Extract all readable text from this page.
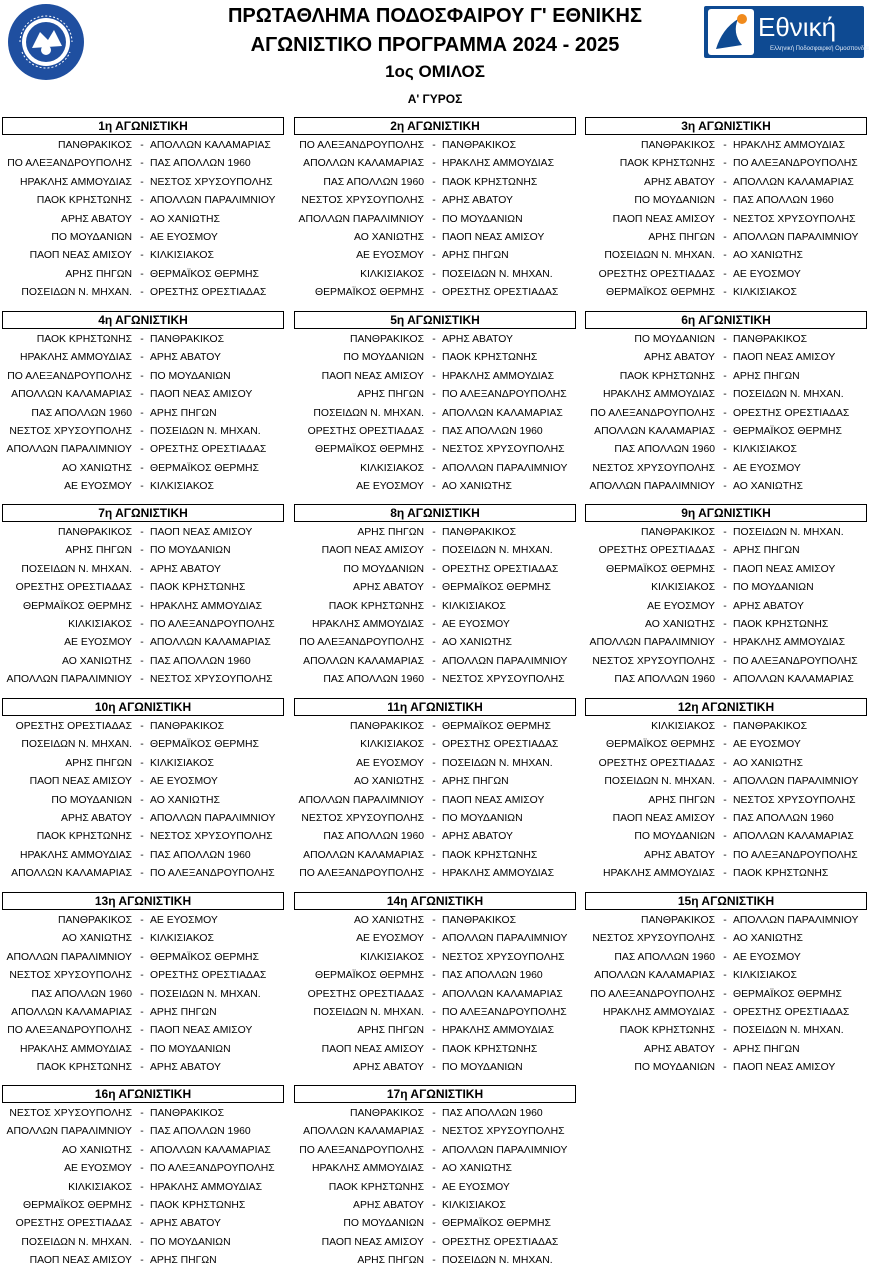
ΠΡΩΤΑΘΛΗΜΑ ΠΟΔΟΣΦΑΙΡΟΥ Γ' ΕΘΝΙΚΗΣ
ΑΓΩΝΙΣΤΙΚΟ ΠΡΟΓΡΑΜΜΑ 2024 - 2025
1ος ΟΜΙΛΟΣ
Α' ΓΥΡΟΣ
Εθνική
Ελληνική Ποδοσφαιρική Ομοσπονδία
1η ΑΓΩΝΙΣΤΙΚΗ
ΠΑΝΘΡΑΚΙΚΟΣ - ΑΠΟΛΛΩΝ ΚΑΛΑΜΑΡΙΑΣ
ΠΟ ΑΛΕΞΑΝΔΡΟΥΠΟΛΗΣ - ΠΑΣ ΑΠΟΛΛΩΝ 1960
ΗΡΑΚΛΗΣ ΑΜΜΟΥΔΙΑΣ - ΝΕΣΤΟΣ ΧΡΥΣΟΥΠΟΛΗΣ
ΠΑΟΚ ΚΡΗΣΤΩΝΗΣ - ΑΠΟΛΛΩΝ ΠΑΡΑΛΙΜΝΙΟΥ
ΑΡΗΣ ΑΒΑΤΟΥ - ΑΟ ΧΑΝΙΩΤΗΣ
ΠΟ ΜΟΥΔΑΝΙΩΝ - ΑΕ ΕΥΟΣΜΟΥ
ΠΑΟΠ ΝΕΑΣ ΑΜΙΣΟΥ - ΚΙΛΚΙΣΙΑΚΟΣ
ΑΡΗΣ ΠΗΓΩΝ - ΘΕΡΜΑΪΚΟΣ ΘΕΡΜΗΣ
ΠΟΣΕΙΔΩΝ Ν. ΜΗΧΑΝ. - ΟΡΕΣΤΗΣ ΟΡΕΣΤΙΑΔΑΣ
2η ΑΓΩΝΙΣΤΙΚΗ
ΠΟ ΑΛΕΞΑΝΔΡΟΥΠΟΛΗΣ - ΠΑΝΘΡΑΚΙΚΟΣ
ΑΠΟΛΛΩΝ ΚΑΛΑΜΑΡΙΑΣ - ΗΡΑΚΛΗΣ ΑΜΜΟΥΔΙΑΣ
ΠΑΣ ΑΠΟΛΛΩΝ 1960 - ΠΑΟΚ ΚΡΗΣΤΩΝΗΣ
ΝΕΣΤΟΣ ΧΡΥΣΟΥΠΟΛΗΣ - ΑΡΗΣ ΑΒΑΤΟΥ
ΑΠΟΛΛΩΝ ΠΑΡΑΛΙΜΝΙΟΥ - ΠΟ ΜΟΥΔΑΝΙΩΝ
ΑΟ ΧΑΝΙΩΤΗΣ - ΠΑΟΠ ΝΕΑΣ ΑΜΙΣΟΥ
ΑΕ ΕΥΟΣΜΟΥ - ΑΡΗΣ ΠΗΓΩΝ
ΚΙΛΚΙΣΙΑΚΟΣ - ΠΟΣΕΙΔΩΝ Ν. ΜΗΧΑΝ.
ΘΕΡΜΑΪΚΟΣ ΘΕΡΜΗΣ - ΟΡΕΣΤΗΣ ΟΡΕΣΤΙΑΔΑΣ
3η ΑΓΩΝΙΣΤΙΚΗ
ΠΑΝΘΡΑΚΙΚΟΣ - ΗΡΑΚΛΗΣ ΑΜΜΟΥΔΙΑΣ
ΠΑΟΚ ΚΡΗΣΤΩΝΗΣ - ΠΟ ΑΛΕΞΑΝΔΡΟΥΠΟΛΗΣ
ΑΡΗΣ ΑΒΑΤΟΥ - ΑΠΟΛΛΩΝ ΚΑΛΑΜΑΡΙΑΣ
ΠΟ ΜΟΥΔΑΝΙΩΝ - ΠΑΣ ΑΠΟΛΛΩΝ 1960
ΠΑΟΠ ΝΕΑΣ ΑΜΙΣΟΥ - ΝΕΣΤΟΣ ΧΡΥΣΟΥΠΟΛΗΣ
ΑΡΗΣ ΠΗΓΩΝ - ΑΠΟΛΛΩΝ ΠΑΡΑΛΙΜΝΙΟΥ
ΠΟΣΕΙΔΩΝ Ν. ΜΗΧΑΝ. - ΑΟ ΧΑΝΙΩΤΗΣ
ΟΡΕΣΤΗΣ ΟΡΕΣΤΙΑΔΑΣ - ΑΕ ΕΥΟΣΜΟΥ
ΘΕΡΜΑΪΚΟΣ ΘΕΡΜΗΣ - ΚΙΛΚΙΣΙΑΚΟΣ
4η ΑΓΩΝΙΣΤΙΚΗ
ΠΑΟΚ ΚΡΗΣΤΩΝΗΣ - ΠΑΝΘΡΑΚΙΚΟΣ
ΗΡΑΚΛΗΣ ΑΜΜΟΥΔΙΑΣ - ΑΡΗΣ ΑΒΑΤΟΥ
ΠΟ ΑΛΕΞΑΝΔΡΟΥΠΟΛΗΣ - ΠΟ ΜΟΥΔΑΝΙΩΝ
ΑΠΟΛΛΩΝ ΚΑΛΑΜΑΡΙΑΣ - ΠΑΟΠ ΝΕΑΣ ΑΜΙΣΟΥ
ΠΑΣ ΑΠΟΛΛΩΝ 1960 - ΑΡΗΣ ΠΗΓΩΝ
ΝΕΣΤΟΣ ΧΡΥΣΟΥΠΟΛΗΣ - ΠΟΣΕΙΔΩΝ Ν. ΜΗΧΑΝ.
ΑΠΟΛΛΩΝ ΠΑΡΑΛΙΜΝΙΟΥ - ΟΡΕΣΤΗΣ ΟΡΕΣΤΙΑΔΑΣ
ΑΟ ΧΑΝΙΩΤΗΣ - ΘΕΡΜΑΪΚΟΣ ΘΕΡΜΗΣ
ΑΕ ΕΥΟΣΜΟΥ - ΚΙΛΚΙΣΙΑΚΟΣ
5η ΑΓΩΝΙΣΤΙΚΗ
ΠΑΝΘΡΑΚΙΚΟΣ - ΑΡΗΣ ΑΒΑΤΟΥ
ΠΟ ΜΟΥΔΑΝΙΩΝ - ΠΑΟΚ ΚΡΗΣΤΩΝΗΣ
ΠΑΟΠ ΝΕΑΣ ΑΜΙΣΟΥ - ΗΡΑΚΛΗΣ ΑΜΜΟΥΔΙΑΣ
ΑΡΗΣ ΠΗΓΩΝ - ΠΟ ΑΛΕΞΑΝΔΡΟΥΠΟΛΗΣ
ΠΟΣΕΙΔΩΝ Ν. ΜΗΧΑΝ. - ΑΠΟΛΛΩΝ ΚΑΛΑΜΑΡΙΑΣ
ΟΡΕΣΤΗΣ ΟΡΕΣΤΙΑΔΑΣ - ΠΑΣ ΑΠΟΛΛΩΝ 1960
ΘΕΡΜΑΪΚΟΣ ΘΕΡΜΗΣ - ΝΕΣΤΟΣ ΧΡΥΣΟΥΠΟΛΗΣ
ΚΙΛΚΙΣΙΑΚΟΣ - ΑΠΟΛΛΩΝ ΠΑΡΑΛΙΜΝΙΟΥ
ΑΕ ΕΥΟΣΜΟΥ - ΑΟ ΧΑΝΙΩΤΗΣ
6η ΑΓΩΝΙΣΤΙΚΗ
ΠΟ ΜΟΥΔΑΝΙΩΝ - ΠΑΝΘΡΑΚΙΚΟΣ
ΑΡΗΣ ΑΒΑΤΟΥ - ΠΑΟΠ ΝΕΑΣ ΑΜΙΣΟΥ
ΠΑΟΚ ΚΡΗΣΤΩΝΗΣ - ΑΡΗΣ ΠΗΓΩΝ
ΗΡΑΚΛΗΣ ΑΜΜΟΥΔΙΑΣ - ΠΟΣΕΙΔΩΝ Ν. ΜΗΧΑΝ.
ΠΟ ΑΛΕΞΑΝΔΡΟΥΠΟΛΗΣ - ΟΡΕΣΤΗΣ ΟΡΕΣΤΙΑΔΑΣ
ΑΠΟΛΛΩΝ ΚΑΛΑΜΑΡΙΑΣ - ΘΕΡΜΑΪΚΟΣ ΘΕΡΜΗΣ
ΠΑΣ ΑΠΟΛΛΩΝ 1960 - ΚΙΛΚΙΣΙΑΚΟΣ
ΝΕΣΤΟΣ ΧΡΥΣΟΥΠΟΛΗΣ - ΑΕ ΕΥΟΣΜΟΥ
ΑΠΟΛΛΩΝ ΠΑΡΑΛΙΜΝΙΟΥ - ΑΟ ΧΑΝΙΩΤΗΣ
7η ΑΓΩΝΙΣΤΙΚΗ
ΠΑΝΘΡΑΚΙΚΟΣ - ΠΑΟΠ ΝΕΑΣ ΑΜΙΣΟΥ
ΑΡΗΣ ΠΗΓΩΝ - ΠΟ ΜΟΥΔΑΝΙΩΝ
ΠΟΣΕΙΔΩΝ Ν. ΜΗΧΑΝ. - ΑΡΗΣ ΑΒΑΤΟΥ
ΟΡΕΣΤΗΣ ΟΡΕΣΤΙΑΔΑΣ - ΠΑΟΚ ΚΡΗΣΤΩΝΗΣ
ΘΕΡΜΑΪΚΟΣ ΘΕΡΜΗΣ - ΗΡΑΚΛΗΣ ΑΜΜΟΥΔΙΑΣ
ΚΙΛΚΙΣΙΑΚΟΣ - ΠΟ ΑΛΕΞΑΝΔΡΟΥΠΟΛΗΣ
ΑΕ ΕΥΟΣΜΟΥ - ΑΠΟΛΛΩΝ ΚΑΛΑΜΑΡΙΑΣ
ΑΟ ΧΑΝΙΩΤΗΣ - ΠΑΣ ΑΠΟΛΛΩΝ 1960
ΑΠΟΛΛΩΝ ΠΑΡΑΛΙΜΝΙΟΥ - ΝΕΣΤΟΣ ΧΡΥΣΟΥΠΟΛΗΣ
8η ΑΓΩΝΙΣΤΙΚΗ
ΑΡΗΣ ΠΗΓΩΝ - ΠΑΝΘΡΑΚΙΚΟΣ
ΠΑΟΠ ΝΕΑΣ ΑΜΙΣΟΥ - ΠΟΣΕΙΔΩΝ Ν. ΜΗΧΑΝ.
ΠΟ ΜΟΥΔΑΝΙΩΝ - ΟΡΕΣΤΗΣ ΟΡΕΣΤΙΑΔΑΣ
ΑΡΗΣ ΑΒΑΤΟΥ - ΘΕΡΜΑΪΚΟΣ ΘΕΡΜΗΣ
ΠΑΟΚ ΚΡΗΣΤΩΝΗΣ - ΚΙΛΚΙΣΙΑΚΟΣ
ΗΡΑΚΛΗΣ ΑΜΜΟΥΔΙΑΣ - ΑΕ ΕΥΟΣΜΟΥ
ΠΟ ΑΛΕΞΑΝΔΡΟΥΠΟΛΗΣ - ΑΟ ΧΑΝΙΩΤΗΣ
ΑΠΟΛΛΩΝ ΚΑΛΑΜΑΡΙΑΣ - ΑΠΟΛΛΩΝ ΠΑΡΑΛΙΜΝΙΟΥ
ΠΑΣ ΑΠΟΛΛΩΝ 1960 - ΝΕΣΤΟΣ ΧΡΥΣΟΥΠΟΛΗΣ
9η ΑΓΩΝΙΣΤΙΚΗ
ΠΑΝΘΡΑΚΙΚΟΣ - ΠΟΣΕΙΔΩΝ Ν. ΜΗΧΑΝ.
ΟΡΕΣΤΗΣ ΟΡΕΣΤΙΑΔΑΣ - ΑΡΗΣ ΠΗΓΩΝ
ΘΕΡΜΑΪΚΟΣ ΘΕΡΜΗΣ - ΠΑΟΠ ΝΕΑΣ ΑΜΙΣΟΥ
ΚΙΛΚΙΣΙΑΚΟΣ - ΠΟ ΜΟΥΔΑΝΙΩΝ
ΑΕ ΕΥΟΣΜΟΥ - ΑΡΗΣ ΑΒΑΤΟΥ
ΑΟ ΧΑΝΙΩΤΗΣ - ΠΑΟΚ ΚΡΗΣΤΩΝΗΣ
ΑΠΟΛΛΩΝ ΠΑΡΑΛΙΜΝΙΟΥ - ΗΡΑΚΛΗΣ ΑΜΜΟΥΔΙΑΣ
ΝΕΣΤΟΣ ΧΡΥΣΟΥΠΟΛΗΣ - ΠΟ ΑΛΕΞΑΝΔΡΟΥΠΟΛΗΣ
ΠΑΣ ΑΠΟΛΛΩΝ 1960 - ΑΠΟΛΛΩΝ ΚΑΛΑΜΑΡΙΑΣ
10η ΑΓΩΝΙΣΤΙΚΗ
ΟΡΕΣΤΗΣ ΟΡΕΣΤΙΑΔΑΣ - ΠΑΝΘΡΑΚΙΚΟΣ
ΠΟΣΕΙΔΩΝ Ν. ΜΗΧΑΝ. - ΘΕΡΜΑΪΚΟΣ ΘΕΡΜΗΣ
ΑΡΗΣ ΠΗΓΩΝ - ΚΙΛΚΙΣΙΑΚΟΣ
ΠΑΟΠ ΝΕΑΣ ΑΜΙΣΟΥ - ΑΕ ΕΥΟΣΜΟΥ
ΠΟ ΜΟΥΔΑΝΙΩΝ - ΑΟ ΧΑΝΙΩΤΗΣ
ΑΡΗΣ ΑΒΑΤΟΥ - ΑΠΟΛΛΩΝ ΠΑΡΑΛΙΜΝΙΟΥ
ΠΑΟΚ ΚΡΗΣΤΩΝΗΣ - ΝΕΣΤΟΣ ΧΡΥΣΟΥΠΟΛΗΣ
ΗΡΑΚΛΗΣ ΑΜΜΟΥΔΙΑΣ - ΠΑΣ ΑΠΟΛΛΩΝ 1960
ΑΠΟΛΛΩΝ ΚΑΛΑΜΑΡΙΑΣ - ΠΟ ΑΛΕΞΑΝΔΡΟΥΠΟΛΗΣ
11η ΑΓΩΝΙΣΤΙΚΗ
ΠΑΝΘΡΑΚΙΚΟΣ - ΘΕΡΜΑΪΚΟΣ ΘΕΡΜΗΣ
ΚΙΛΚΙΣΙΑΚΟΣ - ΟΡΕΣΤΗΣ ΟΡΕΣΤΙΑΔΑΣ
ΑΕ ΕΥΟΣΜΟΥ - ΠΟΣΕΙΔΩΝ Ν. ΜΗΧΑΝ.
ΑΟ ΧΑΝΙΩΤΗΣ - ΑΡΗΣ ΠΗΓΩΝ
ΑΠΟΛΛΩΝ ΠΑΡΑΛΙΜΝΙΟΥ - ΠΑΟΠ ΝΕΑΣ ΑΜΙΣΟΥ
ΝΕΣΤΟΣ ΧΡΥΣΟΥΠΟΛΗΣ - ΠΟ ΜΟΥΔΑΝΙΩΝ
ΠΑΣ ΑΠΟΛΛΩΝ 1960 - ΑΡΗΣ ΑΒΑΤΟΥ
ΑΠΟΛΛΩΝ ΚΑΛΑΜΑΡΙΑΣ - ΠΑΟΚ ΚΡΗΣΤΩΝΗΣ
ΠΟ ΑΛΕΞΑΝΔΡΟΥΠΟΛΗΣ - ΗΡΑΚΛΗΣ ΑΜΜΟΥΔΙΑΣ
12η ΑΓΩΝΙΣΤΙΚΗ
ΚΙΛΚΙΣΙΑΚΟΣ - ΠΑΝΘΡΑΚΙΚΟΣ
ΘΕΡΜΑΪΚΟΣ ΘΕΡΜΗΣ - ΑΕ ΕΥΟΣΜΟΥ
ΟΡΕΣΤΗΣ ΟΡΕΣΤΙΑΔΑΣ - ΑΟ ΧΑΝΙΩΤΗΣ
ΠΟΣΕΙΔΩΝ Ν. ΜΗΧΑΝ. - ΑΠΟΛΛΩΝ ΠΑΡΑΛΙΜΝΙΟΥ
ΑΡΗΣ ΠΗΓΩΝ - ΝΕΣΤΟΣ ΧΡΥΣΟΥΠΟΛΗΣ
ΠΑΟΠ ΝΕΑΣ ΑΜΙΣΟΥ - ΠΑΣ ΑΠΟΛΛΩΝ 1960
ΠΟ ΜΟΥΔΑΝΙΩΝ - ΑΠΟΛΛΩΝ ΚΑΛΑΜΑΡΙΑΣ
ΑΡΗΣ ΑΒΑΤΟΥ - ΠΟ ΑΛΕΞΑΝΔΡΟΥΠΟΛΗΣ
ΗΡΑΚΛΗΣ ΑΜΜΟΥΔΙΑΣ - ΠΑΟΚ ΚΡΗΣΤΩΝΗΣ
13η ΑΓΩΝΙΣΤΙΚΗ
ΠΑΝΘΡΑΚΙΚΟΣ - ΑΕ ΕΥΟΣΜΟΥ
ΑΟ ΧΑΝΙΩΤΗΣ - ΚΙΛΚΙΣΙΑΚΟΣ
ΑΠΟΛΛΩΝ ΠΑΡΑΛΙΜΝΙΟΥ - ΘΕΡΜΑΪΚΟΣ ΘΕΡΜΗΣ
ΝΕΣΤΟΣ ΧΡΥΣΟΥΠΟΛΗΣ - ΟΡΕΣΤΗΣ ΟΡΕΣΤΙΑΔΑΣ
ΠΑΣ ΑΠΟΛΛΩΝ 1960 - ΠΟΣΕΙΔΩΝ Ν. ΜΗΧΑΝ.
ΑΠΟΛΛΩΝ ΚΑΛΑΜΑΡΙΑΣ - ΑΡΗΣ ΠΗΓΩΝ
ΠΟ ΑΛΕΞΑΝΔΡΟΥΠΟΛΗΣ - ΠΑΟΠ ΝΕΑΣ ΑΜΙΣΟΥ
ΗΡΑΚΛΗΣ ΑΜΜΟΥΔΙΑΣ - ΠΟ ΜΟΥΔΑΝΙΩΝ
ΠΑΟΚ ΚΡΗΣΤΩΝΗΣ - ΑΡΗΣ ΑΒΑΤΟΥ
14η ΑΓΩΝΙΣΤΙΚΗ
ΑΟ ΧΑΝΙΩΤΗΣ - ΠΑΝΘΡΑΚΙΚΟΣ
ΑΕ ΕΥΟΣΜΟΥ - ΑΠΟΛΛΩΝ ΠΑΡΑΛΙΜΝΙΟΥ
ΚΙΛΚΙΣΙΑΚΟΣ - ΝΕΣΤΟΣ ΧΡΥΣΟΥΠΟΛΗΣ
ΘΕΡΜΑΪΚΟΣ ΘΕΡΜΗΣ - ΠΑΣ ΑΠΟΛΛΩΝ 1960
ΟΡΕΣΤΗΣ ΟΡΕΣΤΙΑΔΑΣ - ΑΠΟΛΛΩΝ ΚΑΛΑΜΑΡΙΑΣ
ΠΟΣΕΙΔΩΝ Ν. ΜΗΧΑΝ. - ΠΟ ΑΛΕΞΑΝΔΡΟΥΠΟΛΗΣ
ΑΡΗΣ ΠΗΓΩΝ - ΗΡΑΚΛΗΣ ΑΜΜΟΥΔΙΑΣ
ΠΑΟΠ ΝΕΑΣ ΑΜΙΣΟΥ - ΠΑΟΚ ΚΡΗΣΤΩΝΗΣ
ΑΡΗΣ ΑΒΑΤΟΥ - ΠΟ ΜΟΥΔΑΝΙΩΝ
15η ΑΓΩΝΙΣΤΙΚΗ
ΠΑΝΘΡΑΚΙΚΟΣ - ΑΠΟΛΛΩΝ ΠΑΡΑΛΙΜΝΙΟΥ
ΝΕΣΤΟΣ ΧΡΥΣΟΥΠΟΛΗΣ - ΑΟ ΧΑΝΙΩΤΗΣ
ΠΑΣ ΑΠΟΛΛΩΝ 1960 - ΑΕ ΕΥΟΣΜΟΥ
ΑΠΟΛΛΩΝ ΚΑΛΑΜΑΡΙΑΣ - ΚΙΛΚΙΣΙΑΚΟΣ
ΠΟ ΑΛΕΞΑΝΔΡΟΥΠΟΛΗΣ - ΘΕΡΜΑΪΚΟΣ ΘΕΡΜΗΣ
ΗΡΑΚΛΗΣ ΑΜΜΟΥΔΙΑΣ - ΟΡΕΣΤΗΣ ΟΡΕΣΤΙΑΔΑΣ
ΠΑΟΚ ΚΡΗΣΤΩΝΗΣ - ΠΟΣΕΙΔΩΝ Ν. ΜΗΧΑΝ.
ΑΡΗΣ ΑΒΑΤΟΥ - ΑΡΗΣ ΠΗΓΩΝ
ΠΟ ΜΟΥΔΑΝΙΩΝ - ΠΑΟΠ ΝΕΑΣ ΑΜΙΣΟΥ
16η ΑΓΩΝΙΣΤΙΚΗ
ΝΕΣΤΟΣ ΧΡΥΣΟΥΠΟΛΗΣ - ΠΑΝΘΡΑΚΙΚΟΣ
ΑΠΟΛΛΩΝ ΠΑΡΑΛΙΜΝΙΟΥ - ΠΑΣ ΑΠΟΛΛΩΝ 1960
ΑΟ ΧΑΝΙΩΤΗΣ - ΑΠΟΛΛΩΝ ΚΑΛΑΜΑΡΙΑΣ
ΑΕ ΕΥΟΣΜΟΥ - ΠΟ ΑΛΕΞΑΝΔΡΟΥΠΟΛΗΣ
ΚΙΛΚΙΣΙΑΚΟΣ - ΗΡΑΚΛΗΣ ΑΜΜΟΥΔΙΑΣ
ΘΕΡΜΑΪΚΟΣ ΘΕΡΜΗΣ - ΠΑΟΚ ΚΡΗΣΤΩΝΗΣ
ΟΡΕΣΤΗΣ ΟΡΕΣΤΙΑΔΑΣ - ΑΡΗΣ ΑΒΑΤΟΥ
ΠΟΣΕΙΔΩΝ Ν. ΜΗΧΑΝ. - ΠΟ ΜΟΥΔΑΝΙΩΝ
ΠΑΟΠ ΝΕΑΣ ΑΜΙΣΟΥ - ΑΡΗΣ ΠΗΓΩΝ
17η ΑΓΩΝΙΣΤΙΚΗ
ΠΑΝΘΡΑΚΙΚΟΣ - ΠΑΣ ΑΠΟΛΛΩΝ 1960
ΑΠΟΛΛΩΝ ΚΑΛΑΜΑΡΙΑΣ - ΝΕΣΤΟΣ ΧΡΥΣΟΥΠΟΛΗΣ
ΠΟ ΑΛΕΞΑΝΔΡΟΥΠΟΛΗΣ - ΑΠΟΛΛΩΝ ΠΑΡΑΛΙΜΝΙΟΥ
ΗΡΑΚΛΗΣ ΑΜΜΟΥΔΙΑΣ - ΑΟ ΧΑΝΙΩΤΗΣ
ΠΑΟΚ ΚΡΗΣΤΩΝΗΣ - ΑΕ ΕΥΟΣΜΟΥ
ΑΡΗΣ ΑΒΑΤΟΥ - ΚΙΛΚΙΣΙΑΚΟΣ
ΠΟ ΜΟΥΔΑΝΙΩΝ - ΘΕΡΜΑΪΚΟΣ ΘΕΡΜΗΣ
ΠΑΟΠ ΝΕΑΣ ΑΜΙΣΟΥ - ΟΡΕΣΤΗΣ ΟΡΕΣΤΙΑΔΑΣ
ΑΡΗΣ ΠΗΓΩΝ - ΠΟΣΕΙΔΩΝ Ν. ΜΗΧΑΝ.
